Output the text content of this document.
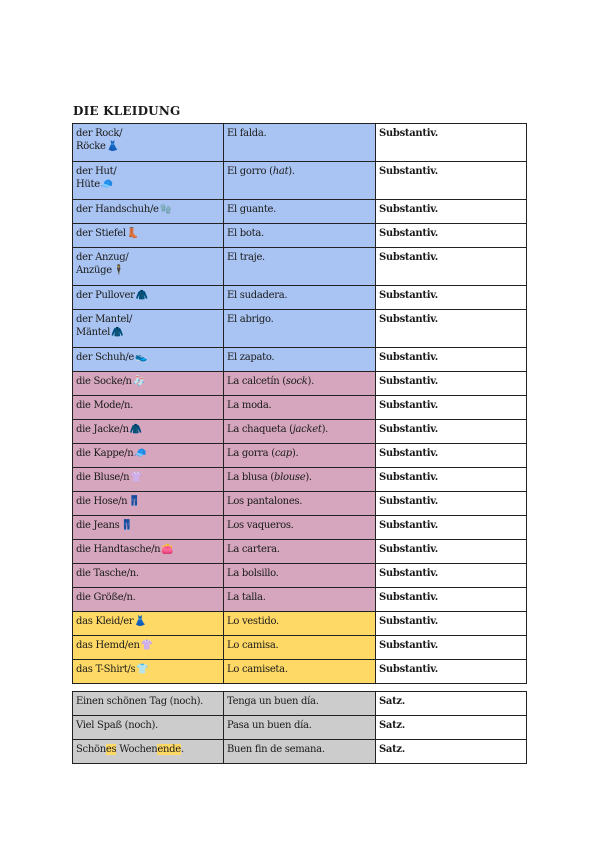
DIE KLEIDUNG
der Rock/
Röcke👗	El falda.	Substantiv.
der Hut/
Hüte🧢	El gorro (hat).	Substantiv.
der Handschuh/e🧤	El guante.	Substantiv.
der Stiefel👢	El bota.	Substantiv.
der Anzug/
Anzüge🕴	El traje.	Substantiv.
der Pullover🧥	El sudadera.	Substantiv.
der Mantel/
Mäntel🧥	El abrigo.	Substantiv.
der Schuh/e👟	El zapato.	Substantiv.
die Socke/n🧦	La calcetín (sock).	Substantiv.
die Mode/n.	La moda.	Substantiv.
die Jacke/n🧥	La chaqueta (jacket).	Substantiv.
die Kappe/n🧢	La gorra (cap).	Substantiv.
die Bluse/n👚	La blusa (blouse).	Substantiv.
die Hose/n👖	Los pantalones.	Substantiv.
die Jeans👖	Los vaqueros.	Substantiv.
die Handtasche/n👛	La cartera.	Substantiv.
die Tasche/n.	La bolsillo.	Substantiv.
die Größe/n.	La talla.	Substantiv.
das Kleid/er👗	Lo vestido.	Substantiv.
das Hemd/en👚	Lo camisa.	Substantiv.
das T-Shirt/s👕	Lo camiseta.	Substantiv.
Einen schönen Tag (noch).	Tenga un buen día.	Satz.
Viel Spaß (noch).	Pasa un buen día.	Satz.
Schönes Wochenende.	Buen fin de semana.	Satz.
